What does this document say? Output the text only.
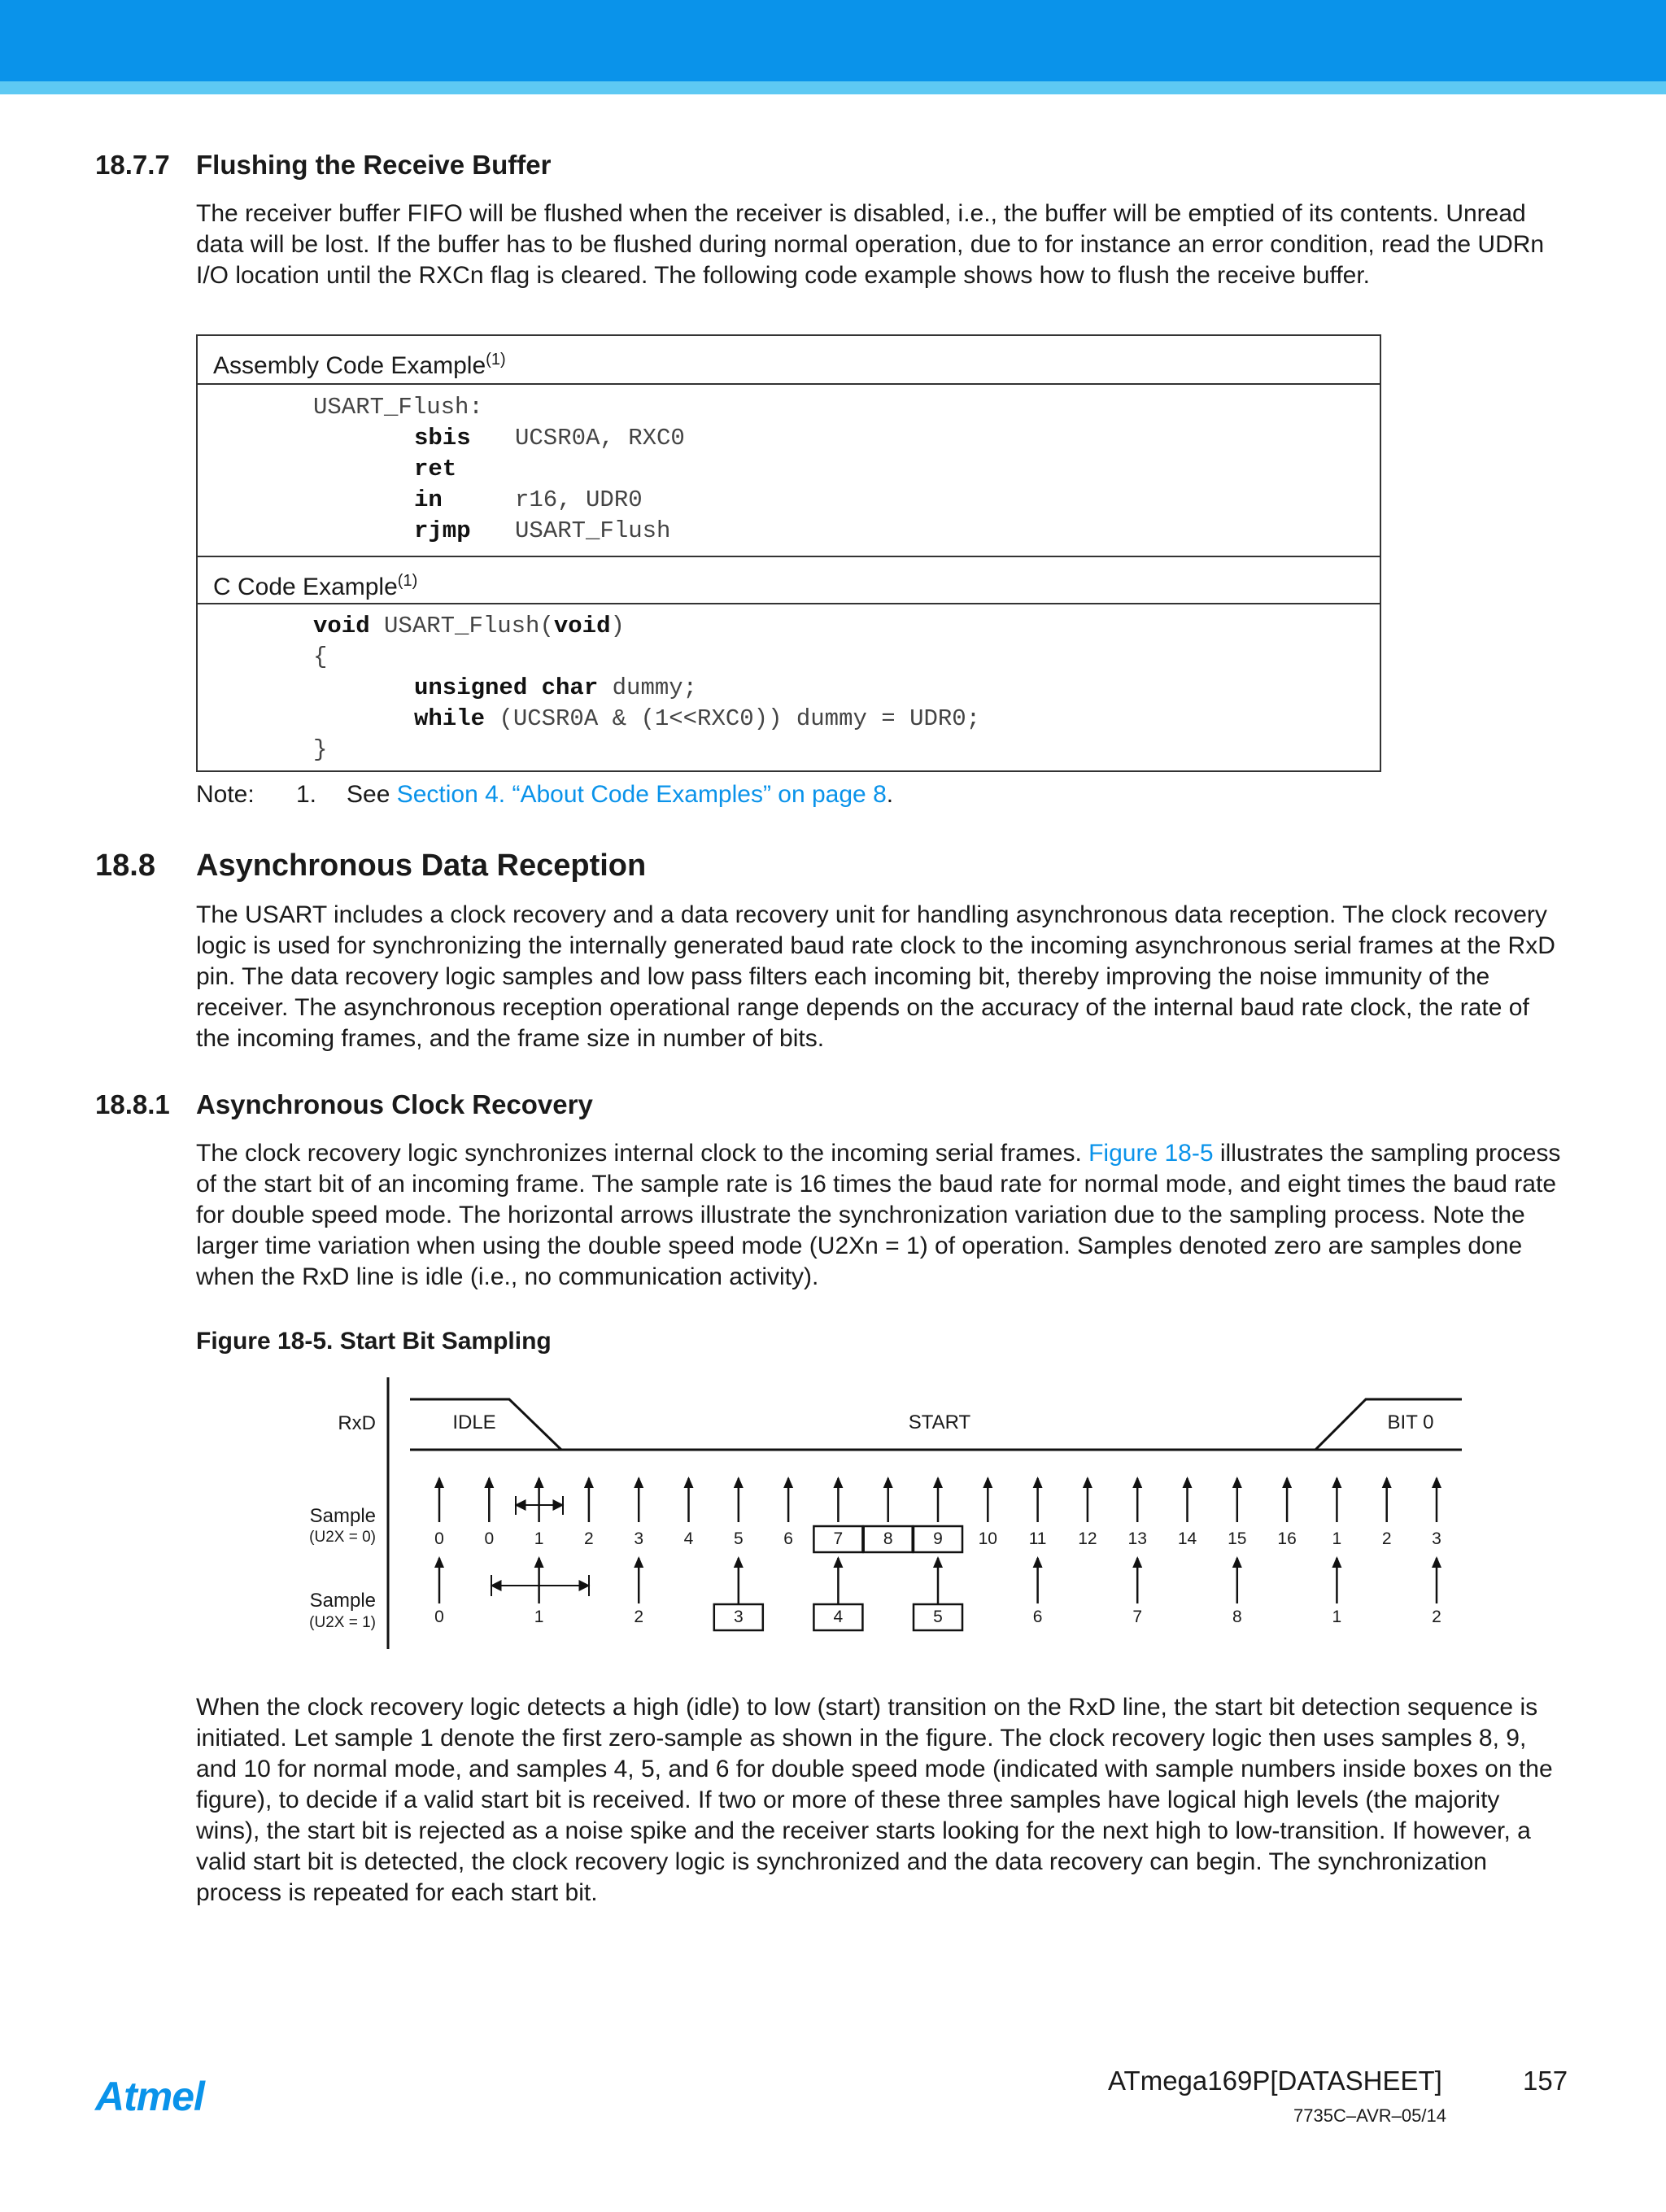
18.7.7 Flushing the Receive Buffer

The receiver buffer FIFO will be flushed when the receiver is disabled, i.e., the buffer will be emptied of its contents. Unread data will be lost. If the buffer has to be flushed during normal operation, due to for instance an error condition, read the UDRn I/O location until the RXCn flag is cleared. The following code example shows how to flush the receive buffer.

Assembly Code Example$^{(1)}$
USART_Flush:
sbis UCSR0A, RXC0
ret
in	r16, UDR0
rjmp USART_Flush
C Code Example$^{(1)}$
void USART_Flush(void)
{
unsigned char dummy;
while (UCSR0A & (1<<RXC0)) dummy = UDR0;
}
Note: 1. See Section 4. “About Code Examples” on page 8.
18.8 Asynchronous Data Reception

The USART includes a clock recovery and a data recovery unit for handling asynchronous data reception. The clock recovery logic is used for synchronizing the internally generated baud rate clock to the incoming asynchronous serial frames at the RxD pin. The data recovery logic samples and low pass filters each incoming bit, thereby improving the noise immunity of the receiver. The asynchronous reception operational range depends on the accuracy of the internal baud rate clock, the rate of the incoming frames, and the frame size in number of bits.

18.8.1 Asynchronous Clock Recovery

The clock recovery logic synchronizes internal clock to the incoming serial frames. Figure 18-5 illustrates the sampling process of the start bit of an incoming frame. The sample rate is 16 times the baud rate for normal mode, and eight times the baud rate for double speed mode. The horizontal arrows illustrate the synchronization variation due to the sampling process. Note the larger time variation when using the double speed mode (U2Xn = 1) of operation. Samples denoted zero are samples done when the RxD line is idle (i.e., no communication activity).

Figure 18-5. Start Bit Sampling
RxD	IDLE	START	BIT 0
Sample
(U2X = 0)
Sample
(U2X = 1)
0 0 1 2 3 4 5 6 7 8 9 10 11 12 13 14 15 16 1 2 3
0	1	2	3	4	5	6	7	8	1	2

When the clock recovery logic detects a high (idle) to low (start) transition on the RxD line, the start bit detection sequence is initiated. Let sample 1 denote the first zero-sample as shown in the figure. The clock recovery logic then uses samples 8, 9, and 10 for normal mode, and samples 4, 5, and 6 for double speed mode (indicated with sample numbers inside boxes on the figure), to decide if a valid start bit is received. If two or more of these three samples have logical high levels (the majority wins), the start bit is rejected as a noise spike and the receiver starts looking for the next high to low-transition. If however, a valid start bit is detected, the clock recovery logic is synchronized and the data recovery can begin. The synchronization process is repeated for each start bit.

Atmel	ATmega169P[DATASHEET]	157
7735C–AVR–05/14
